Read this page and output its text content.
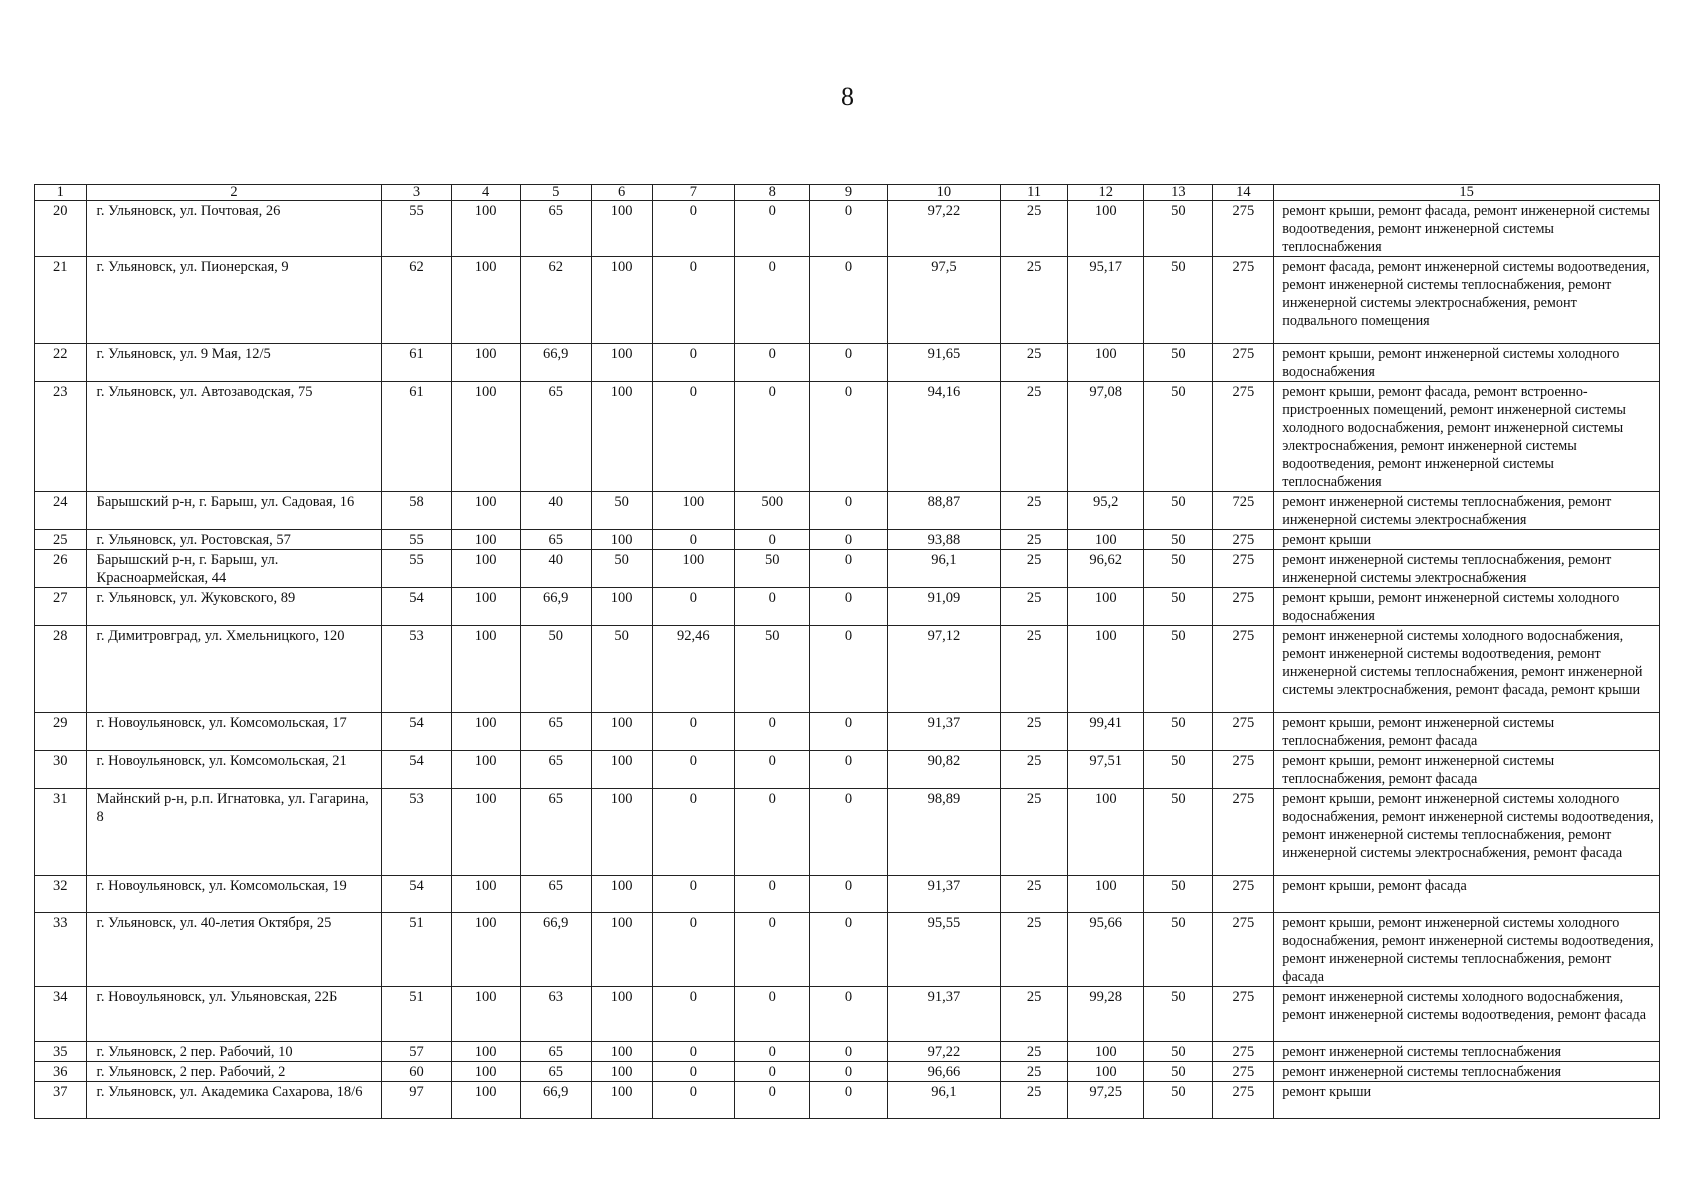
8
1	2	3	4	5	6	7	8	9	10	11	12	13	14	15
20	г. Ульяновск, ул. Почтовая, 26	55	100	65	100	0	0	0	97,22	25	100	50	275	ремонт крыши, ремонт фасада, ремонт инженерной системы водоотведения, ремонт инженерной системы теплоснабжения
21	г. Ульяновск, ул. Пионерская, 9	62	100	62	100	0	0	0	97,5	25	95,17	50	275	ремонт фасада, ремонт инженерной системы водоотведения, ремонт инженерной системы теплоснабжения, ремонт инженерной системы электроснабжения, ремонт подвального помещения
22	г. Ульяновск, ул. 9 Мая, 12/5	61	100	66,9	100	0	0	0	91,65	25	100	50	275	ремонт крыши, ремонт инженерной системы холодного водоснабжения
23	г. Ульяновск, ул. Автозаводская, 75	61	100	65	100	0	0	0	94,16	25	97,08	50	275	ремонт крыши, ремонт фасада, ремонт встроенно-пристроенных помещений, ремонт инженерной системы холодного водоснабжения, ремонт инженерной системы электроснабжения, ремонт инженерной системы водоотведения, ремонт инженерной системы теплоснабжения
24	Барышский р-н, г. Барыш, ул. Садовая, 16	58	100	40	50	100	500	0	88,87	25	95,2	50	725	ремонт инженерной системы теплоснабжения, ремонт инженерной системы электроснабжения
25	г. Ульяновск, ул. Ростовская, 57	55	100	65	100	0	0	0	93,88	25	100	50	275	ремонт крыши
26	Барышский р-н, г. Барыш, ул. Красноармейская, 44	55	100	40	50	100	50	0	96,1	25	96,62	50	275	ремонт инженерной системы теплоснабжения, ремонт инженерной системы электроснабжения
27	г. Ульяновск, ул. Жуковского, 89	54	100	66,9	100	0	0	0	91,09	25	100	50	275	ремонт крыши, ремонт инженерной системы холодного водоснабжения
28	г. Димитровград, ул. Хмельницкого, 120	53	100	50	50	92,46	50	0	97,12	25	100	50	275	ремонт инженерной системы холодного водоснабжения, ремонт инженерной системы водоотведения, ремонт инженерной системы теплоснабжения, ремонт инженерной системы электроснабжения, ремонт фасада, ремонт крыши
29	г. Новоульяновск, ул. Комсомольская, 17	54	100	65	100	0	0	0	91,37	25	99,41	50	275	ремонт крыши, ремонт инженерной системы теплоснабжения, ремонт фасада
30	г. Новоульяновск, ул. Комсомольская, 21	54	100	65	100	0	0	0	90,82	25	97,51	50	275	ремонт крыши, ремонт инженерной системы теплоснабжения, ремонт фасада
31	Майнский р-н, р.п. Игнатовка, ул. Гагарина, 8	53	100	65	100	0	0	0	98,89	25	100	50	275	ремонт крыши, ремонт инженерной системы холодного водоснабжения, ремонт инженерной системы водоотведения, ремонт инженерной системы теплоснабжения, ремонт инженерной системы электроснабжения, ремонт фасада
32	г. Новоульяновск, ул. Комсомольская, 19	54	100	65	100	0	0	0	91,37	25	100	50	275	ремонт крыши, ремонт фасада
33	г. Ульяновск, ул. 40-летия Октября, 25	51	100	66,9	100	0	0	0	95,55	25	95,66	50	275	ремонт крыши, ремонт инженерной системы холодного водоснабжения, ремонт инженерной системы водоотведения, ремонт инженерной системы теплоснабжения, ремонт фасада
34	г. Новоульяновск, ул. Ульяновская, 22Б	51	100	63	100	0	0	0	91,37	25	99,28	50	275	ремонт инженерной системы холодного водоснабжения, ремонт инженерной системы водоотведения, ремонт фасада
35	г. Ульяновск, 2 пер. Рабочий, 10	57	100	65	100	0	0	0	97,22	25	100	50	275	ремонт инженерной системы теплоснабжения
36	г. Ульяновск, 2 пер. Рабочий, 2	60	100	65	100	0	0	0	96,66	25	100	50	275	ремонт инженерной системы теплоснабжения
37	г. Ульяновск, ул. Академика Сахарова, 18/6	97	100	66,9	100	0	0	0	96,1	25	97,25	50	275	ремонт крыши
